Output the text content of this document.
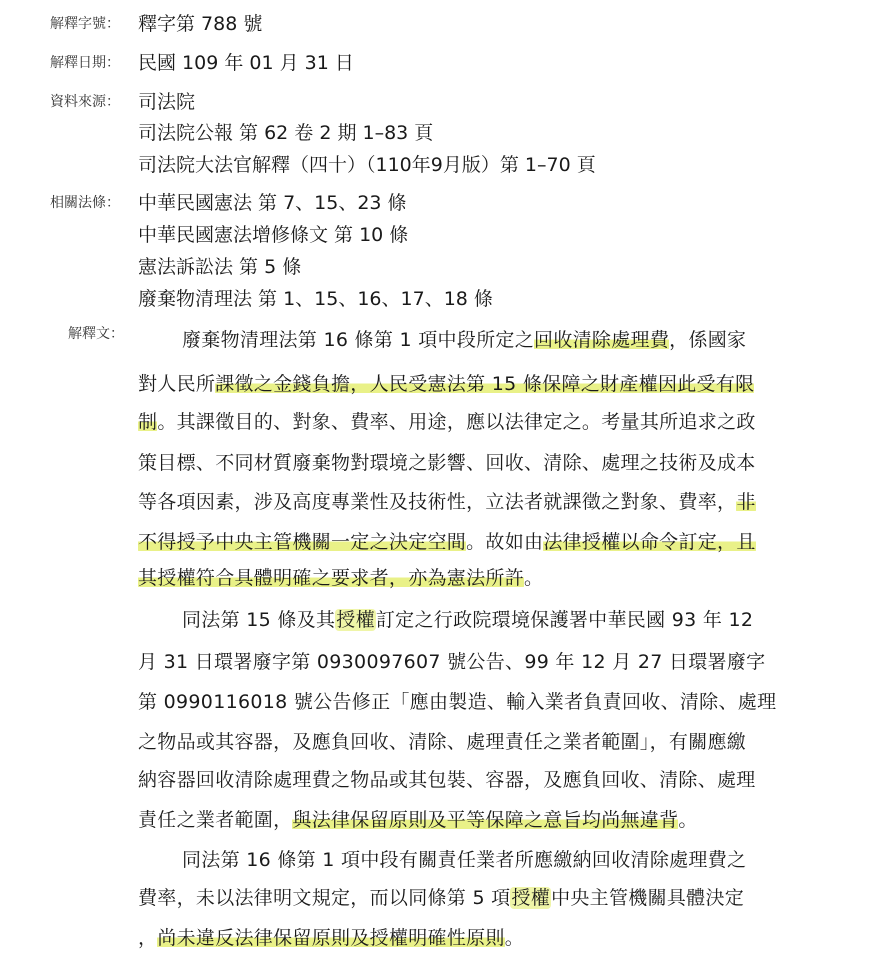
解釋字號： 釋字第 788 號
解釋日期： 民國 109 年 01 月 31 日
資料來源： 司法院
司法院公報 第 62 卷 2 期 1–83 頁
司法院大法官解釋（四十）（110年9月版）第 1–70 頁
相關法條： 中華民國憲法 第 7、15、23 條
中華民國憲法增修條文 第 10 條
憲法訴訟法 第 5 條
廢棄物清理法 第 1、15、16、17、18 條
解釋文：	廢棄物清理法第 16 條第 1 項中段所定之回收清除處理費，係國家
對人民所課徵之金錢負擔，人民受憲法第 15 條保障之財產權因此受有限
制。其課徵目的、對象、費率、用途，應以法律定之。考量其所追求之政
策目標、不同材質廢棄物對環境之影響、回收、清除、處理之技術及成本
等各項因素，涉及高度專業性及技術性，立法者就課徵之對象、費率，非
不得授予中央主管機關一定之決定空間。故如由法律授權以命令訂定，且
其授權符合具體明確之要求者，亦為憲法所許。
同法第 15 條及其授權訂定之行政院環境保護署中華民國 93 年 12
月 31 日環署廢字第 0930097607 號公告、99 年 12 月 27 日環署廢字
第 0990116018 號公告修正「應由製造、輸入業者負責回收、清除、處理
之物品或其容器，及應負回收、清除、處理責任之業者範圍」，有關應繳
納容器回收清除處理費之物品或其包裝、容器，及應負回收、清除、處理
責任之業者範圍，與法律保留原則及平等保障之意旨均尚無違背。
同法第 16 條第 1 項中段有關責任業者所應繳納回收清除處理費之
費率，未以法律明文規定，而以同條第 5 項授權中央主管機關具體決定
，尚未違反法律保留原則及授權明確性原則。
